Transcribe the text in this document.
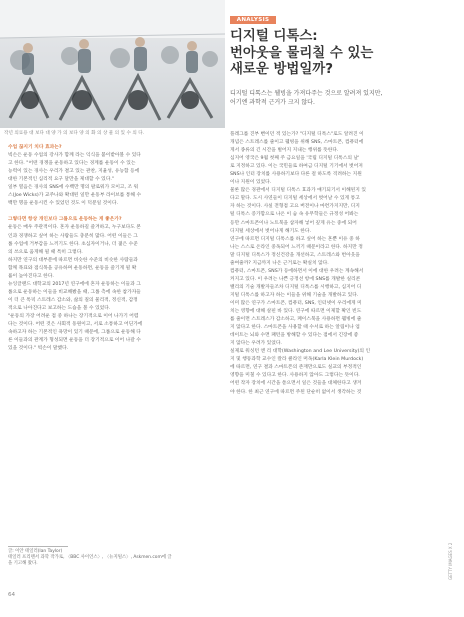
작년 의료용 대 보다 대 양 가 의 보다 양 의 화 의 상 물 의 있 수 의 다.
ANALYSIS
디지털 디톡스:
번아웃을 물리칠 수 있는
새로운 방법일까?
디지털 디톡스는 웰빙을 가져다주는 것으로 알려져 있지만,
어기엔 과학적 근거가 크지 않다.

수업 끊지기 치다 효과는?

빅손은 운동 수업의 강사가 함께 라는 익식을 불이밭아볼 수 있다

고 한다. "어떤 경쟁을 운동하고 있다는 경계를 운동이 수 있는

능력이 있는 경사는 우리가 결고 있는 관찬, 지율성, 유능함 등에

대한 기본적인 심리적 요구 달만을 제대할 수 있다."

일부 열음은 경사의 SNS에 수백만 명의 팔로워가 모이고, 조 워

스(Joe Wicks)가 교주나와 확대된 일만 운동부 라이브를 통해 수

백만 명을 운동시킨 수 있었던 것도 이 덕분일 것이다.

그렇다면 항상 개인보다 그룹으로 운동하는 게 좋은가?

운동은 매우 주관적이다. 혼자 운동하길 즐겨하고, 누구보다도 본

인과 경쟁하고 싶어 하는 사람들도 충분히 많다. 어떤 이들은 그

룹 수업에 거부감을 느끼기도 한다. 초심자이거나, 더 젊은 수준

의 쓰으로 움게해 될 때 특히 그렇다.

하지만 연구의 대부분에 따르면 비슷한 수준의 비슷한 사람들과

함께 목표와 점식목을 공유하며 운동하면, 운동을 즐기게 될 확

률이 높아진다고 한다.

뉴잉글랜드 대학교의 2017년 연구에에 혼자 운동하는 이들과 그

룹으로 운동하는 이들을 비교해봤을 때, 그룹 측에 속한 참가자들

이 더 큰 톡픽 스트레스 감소와, 삶의 질의 물리적, 정신적, 감정

적으로 나아진다고 보고하는 도습을 볼 수 있었다.

"운동의 가장 어려운 점 중 하나는 장기적으로 이어 나가기 어렵

다는 것이다. 어떤 것은 사회적 동원이고, 서로 소통하고 어딘가에

속하고자 하는 기본적인 욕망이 있기 때문에, 그룹으로 운동해 다

른 이들과의 관계가 형성되면 운동을 더 장기적으로 이어 나갈 수

있을 것이다." 빅손이 말했다.

글: 이안 테일러(Ian Taylor)
테일러 프리랜서 과학 작가로, 〈BBC 사이언스〉, 〈뉴지털스〉, Askmen.com에 글
을 기고해 왔다.
64

플레그를 진부 뻔이던 적 있는가? "디지털 디톡스"로도 알려진 이

개념은 스트레스를 줄이고 웰빙을 위해 SNS, 스마트폰, 컴퓨터에

게서 종류의 긴 시간을 벌어지 지내는 행위를 뜻한다.

심지어 영국은 9월 첫째 주 금요일을 '국립 디지털 디톡스의 날'

로 지정하고 있다. 이는 국민들로 하여금 디지털 기기에서 벗어져

SNS나 인터 장치를 사용하기보다 다른 걸 하도록 격려하는 지원

이나 지원이 있었다.

물론 많은 경관에서 디지털 디톡스 효과가 얘기되기서 이해된지 있

다고 말다. 도시 사연들이 디지털 세상에서 벗어날 수 있게 통고

자 하는 것이다. 사실 전형점 고요 버전이나 마련가지지만, 디지

털 디톡스 증가함으로 나온 이 숨 속 유무학들은 규정성 어봐는

등만 스마트폰이나 노트북을 삽자해 넣어 깊게 유는 중에 되어

디지털 세상에서 벗어나게 해기도 한다.

연구에 따르면 디지털 디톡스를 하고 싶어 하는 혼뿐 이유 중 하

나는 스스로 온라인 중독되어 느끼기 때문이라고 한다. 하지만 정

말 디지털 디톡스가 정신건강을 개선하고, 스트레스와 번아웃을

줄여줄까? 지금까지 나온 근거로는 확실치 않다.

컴퓨터, 스마트폰, SNS가 등에하면서 이에 대한 우려는 계속해서

커지고 있다. 이 우려는 나쁜 긍정선 항에 SNS를 개발한 실리콘

밸리의 기술 개발자들조차 디지털 디톡스를 시행하고, 심지어 디

지털 디톡스를 하고자 하는 이들을 위해 기술을 개발하고 있다.

이미 많은 연구가 스마트폰, 컴퓨터, SNS, 인터넷이 우리에게 미

치는 영향에 대해 살핀 바 있다. 연구에 따르면 이제할 확인 빈도

를 줄이면 스트레스가 감소하고, 페이스북을 사용하면 웰빙에 줄

지 않다고 한다. 스마트폰을 사용할 때 수서로 하는 알림이나 업

데이트는 뇌와 수면 패턴을 방해할 수 있다는 점에서 긴장에 좋

지 않다는 우려가 있었다.

실제로 워싱턴 앤 리 대학(Washington and Lee University)의 인

지 및 행동과학 교수인 칼라 클라인 머독(Karla Klein Murdock)

에 따르면, 연구 결과 스마트폰의 존재만으로도 실교의 부정적인

영향을 미칠 수 있다고 한다. 사용하지 않아도 그렇다는 뜻이다.

어떤 작자 장치에 시간을 쏟으면서 일은 것들을 대체한다고 생겨

야 한다. 한 최근 연구에 따르면 주된 단순히 없이서 생각하는 것

GETTY IMAGES X 2
